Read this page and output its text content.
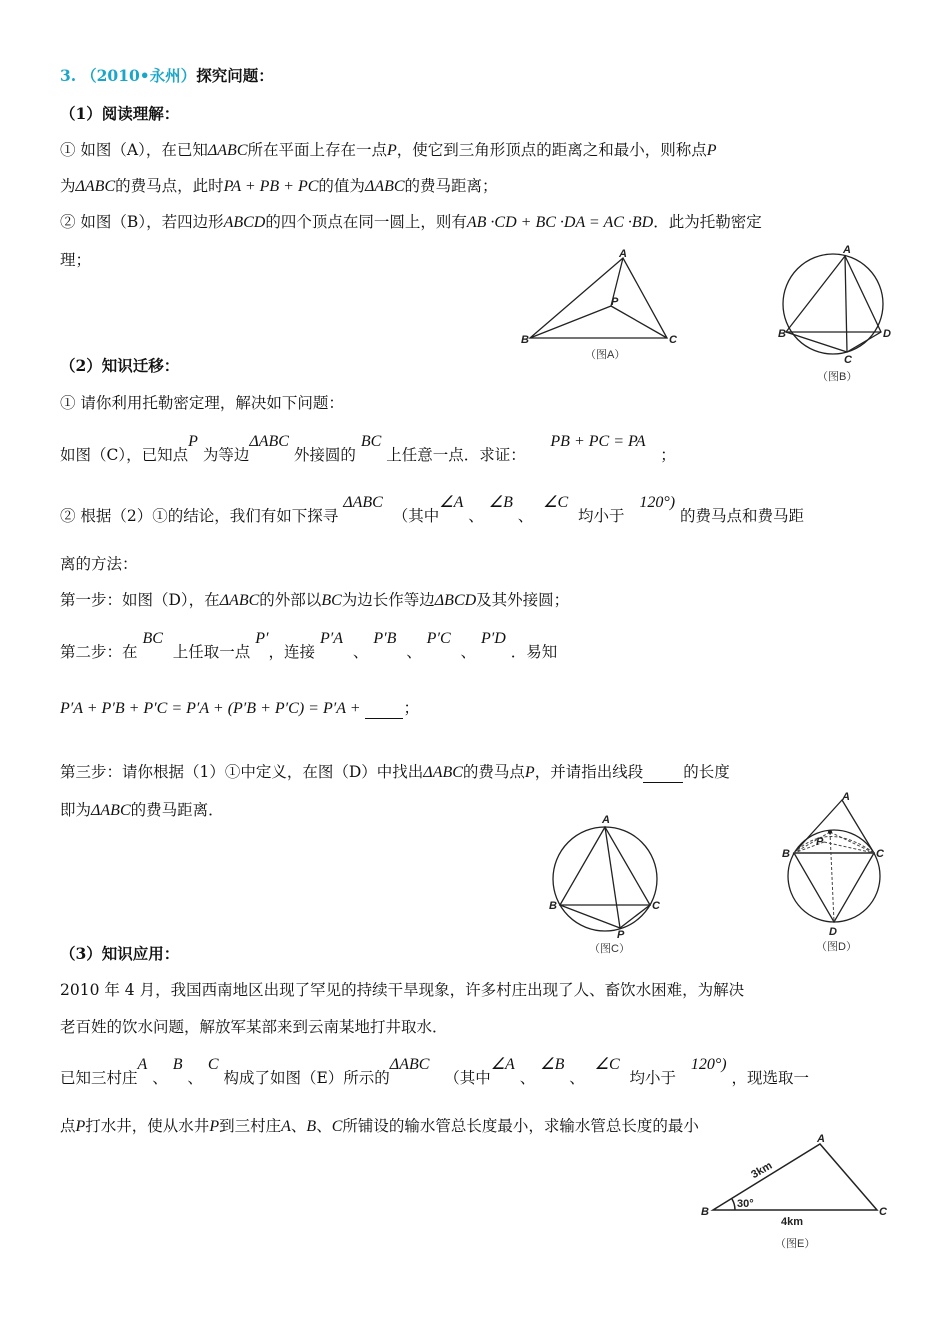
3. （2010•永州）探究问题：
（1）阅读理解：
① 如图（A），在已知ΔABC所在平面上存在一点P，使它到三角形顶点的距离之和最小，则称点P
为ΔABC的费马点，此时PA + PB + PC的值为ΔABC的费马距离；
② 如图（B），若四边形ABCD的四个顶点在同一圆上，则有AB ·CD + BC ·DA = AC ·BD．此为托勒密定
理；
（2）知识迁移：
① 请你利用托勒密定理，解决如下问题：
如图（C），已知点P 为等边ΔABC 外接圆的 BC 上任意一点．求证：     PB + PC = PA   ；
② 根据（2）①的结论，我们有如下探寻 ΔABC  （其中∠A 、 ∠B 、  ∠C  均小于   120°) 的费马点和费马距
离的方法：
第一步：如图（D），在ΔABC的外部以BC为边长作等边ΔBCD及其外接圆；
第二步：在 BC  上任取一点 P′，连接 P′A  、 P′B  、 P′C  、 P′D ．易知
P′A + P′B + P′C = P′A + (P′B + P′C) = P′A +	；
第三步：请你根据（1）①中定义，在图（D）中找出ΔABC的费马点P，并请指出线段	的长度
即为ΔABC的费马距离．
（3）知识应用：
2010 年 4 月，我国西南地区出现了罕见的持续干旱现象，许多村庄出现了人、畜饮水困难，为解决
老百姓的饮水问题，解放军某部来到云南某地打井取水．
已知三村庄A 、 B 、 C 构成了如图（E）所示的ΔABC   （其中∠A 、 ∠B 、  ∠C  均小于   120°) ，现选取一
点P打水井，使从水井P到三村庄A、B、C所铺设的输水管总长度最小，求输水管总长度的最小
A
B	C
P
（图A）
A
B
C
D
（图B）
A
B	C
P
（图C）
A
B	C
D
P
（图D）
A
B	C
3km
4km
30°
（图E）
